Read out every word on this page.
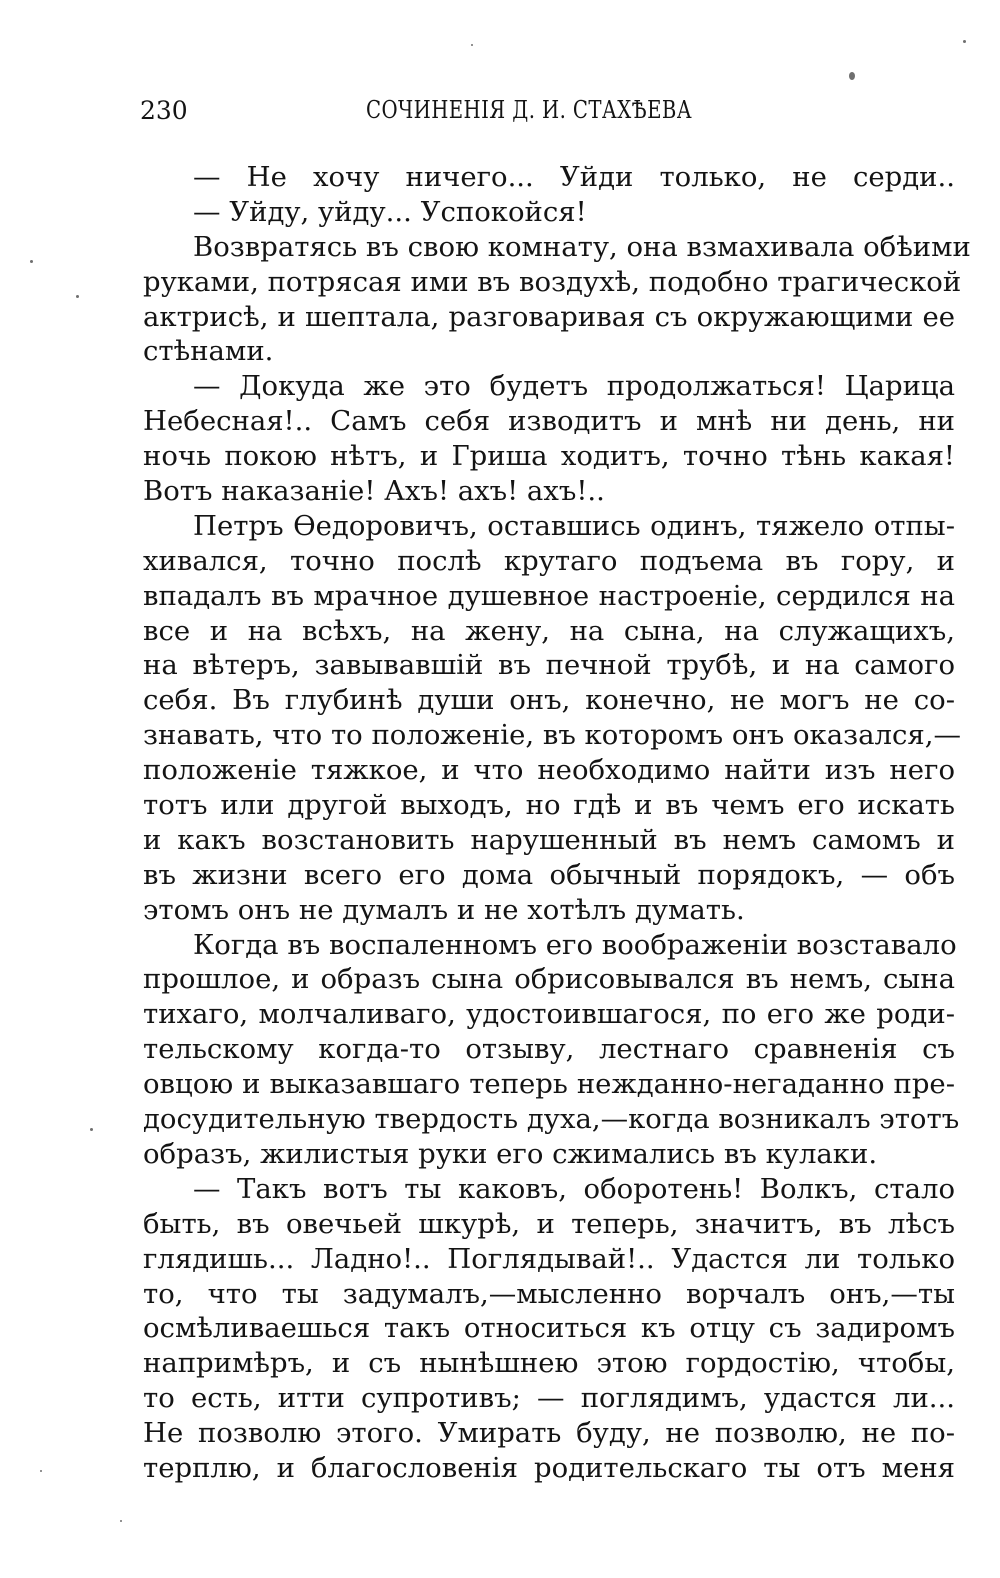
230	СОЧИНЕНІЯ Д. И. СТАХѢЕВА
— Не хочу ничего... Уйди только, не серди..
— Уйду, уйду... Успокойся!
Возвратясь въ свою комнату, она взмахивала обѣими
руками, потрясая ими въ воздухѣ, подобно трагической
актрисѣ, и шептала, разговаривая съ окружающими ее
стѣнами.
— Докуда же это будетъ продолжаться! Царица
Небесная!.. Самъ себя изводитъ и мнѣ ни день, ни
ночь покою нѣтъ, и Гриша ходитъ, точно тѣнь какая!
Вотъ наказаніе! Ахъ! ахъ! ахъ!..
Петръ Ѳедоровичъ, оставшись одинъ, тяжело отпы-
хивался, точно послѣ крутаго подъема въ гору, и
впадалъ въ мрачное душевное настроеніе, сердился на
все и на всѣхъ, на жену, на сына, на служащихъ,
на вѣтеръ, завывавшій въ печной трубѣ, и на самого
себя. Въ глубинѣ души онъ, конечно, не могъ не со-
знавать, что то положеніе, въ которомъ онъ оказался,—
положеніе тяжкое, и что необходимо найти изъ него
тотъ или другой выходъ, но гдѣ и въ чемъ его искать
и какъ возстановить нарушенный въ немъ самомъ и
въ жизни всего его дома обычный порядокъ, — объ
этомъ онъ не думалъ и не хотѣлъ думать.
Когда въ воспаленномъ его воображеніи возставало
прошлое, и образъ сына обрисовывался въ немъ, сына
тихаго, молчаливаго, удостоившагося, по его же роди-
тельскому когда-то отзыву, лестнаго сравненія съ
овцою и выказавшаго теперь нежданно-негаданно пре-
досудительную твердость духа,—когда возникалъ этотъ
образъ, жилистыя руки его сжимались въ кулаки.
— Такъ вотъ ты каковъ, оборотень! Волкъ, стало
быть, въ овечьей шкурѣ, и теперь, значитъ, въ лѣсъ
глядишь... Ладно!.. Поглядывай!.. Удастся ли только
то, что ты задумалъ,—мысленно ворчалъ онъ,—ты
осмѣливаешься такъ относиться къ отцу съ задиромъ
напримѣръ, и съ нынѣшнею этою гордостію, чтобы,
то есть, итти супротивъ; — поглядимъ, удастся ли...
Не позволю этого. Умирать буду, не позволю, не по-
терплю, и благословенія родительскаго ты отъ меня
